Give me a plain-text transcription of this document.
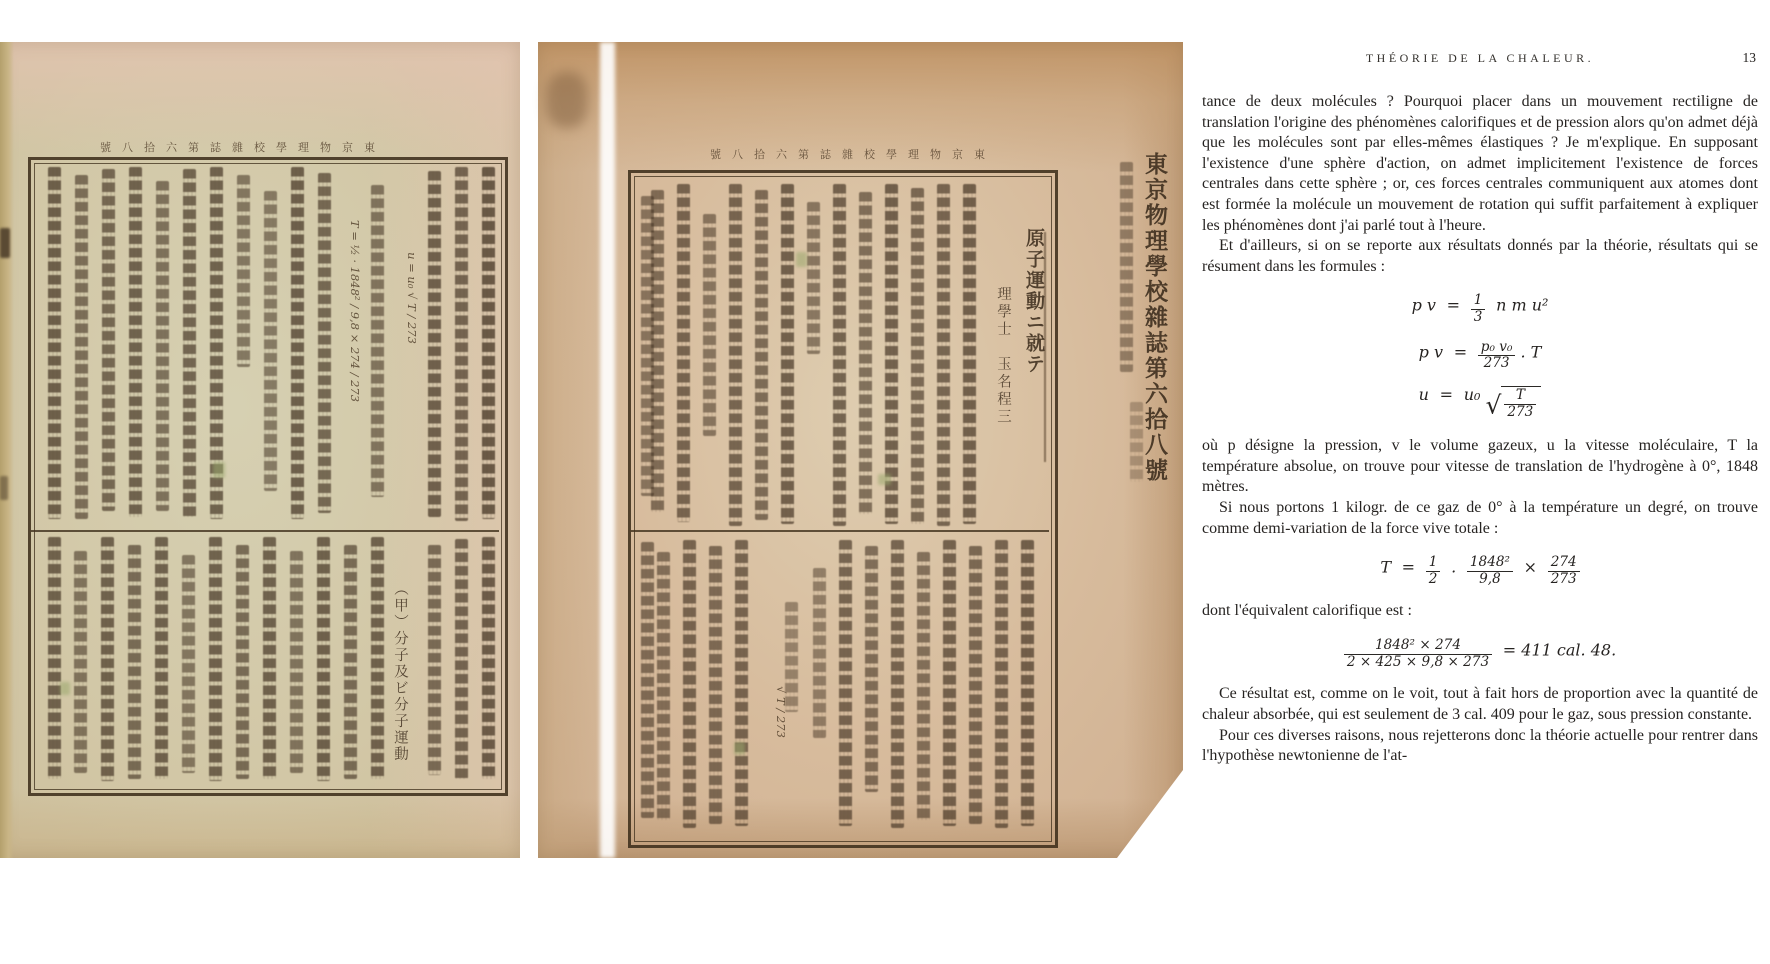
號八拾六第誌雜校學理物京東
u = u₀ √ T / 273
T = ½ · 1848² / 9,8 × 274 / 273
（甲）分子及ビ分子運動
號八拾六第誌雜校學理物京東
原子運動ニ就テ
理學士　玉名程三
√ T / 273
東京物理學校雜誌第六拾八號
THÉORIE DE LA CHALEUR.	13

tance de deux molécules ? Pourquoi placer dans un mouvement rectiligne de translation l'origine des phénomènes calorifiques et de pression alors qu'on admet déjà que les molécules sont par elles-mêmes élastiques ? Je m'explique. En supposant l'existence d'une sphère d'action, on admet implicitement l'existence de forces centrales dans cette sphère ; or, ces forces centrales communiquent aux atomes dont est formée la molécule un mouvement de rotation qui suffit parfaitement à expliquer les phénomènes dont j'ai parlé tout à l'heure.

Et d'ailleurs, si on se reporte aux résultats donnés par la théorie, résultats qui se résument dans les formules :

p $v = \frac{1}{3}$ n m u²
p $v = \frac{\text{p₀ v₀}}{273}$ . T
u = u₀ √ $\frac{T}{273}$

où p désigne la pression, v le volume gazeux, u la vitesse moléculaire, T la température absolue, on trouve pour vitesse de translation de l'hydrogène à 0°, 1848 mètres.

Si nous portons 1 kilogr. de ce gaz de 0° à la température un degré, on trouve comme demi-variation de la force vive totale :

$T = \frac{1}{2}$ . $\frac{\text{1848²}}{9,8} \times \frac{274}{273}$

dont l'équivalent calorifique est :

$\frac{\text{1848² × 274}}{2 \times 425 \times 9,8 \times 273} = 411$ cal. 48.

Ce résultat est, comme on le voit, tout à fait hors de proportion avec la quantité de chaleur absorbée, qui est seulement de 3 cal. 409 pour le gaz, sous pression constante.

Pour ces diverses raisons, nous rejetterons donc la théorie actuelle pour rentrer dans l'hypothèse newtonienne de l'at-
